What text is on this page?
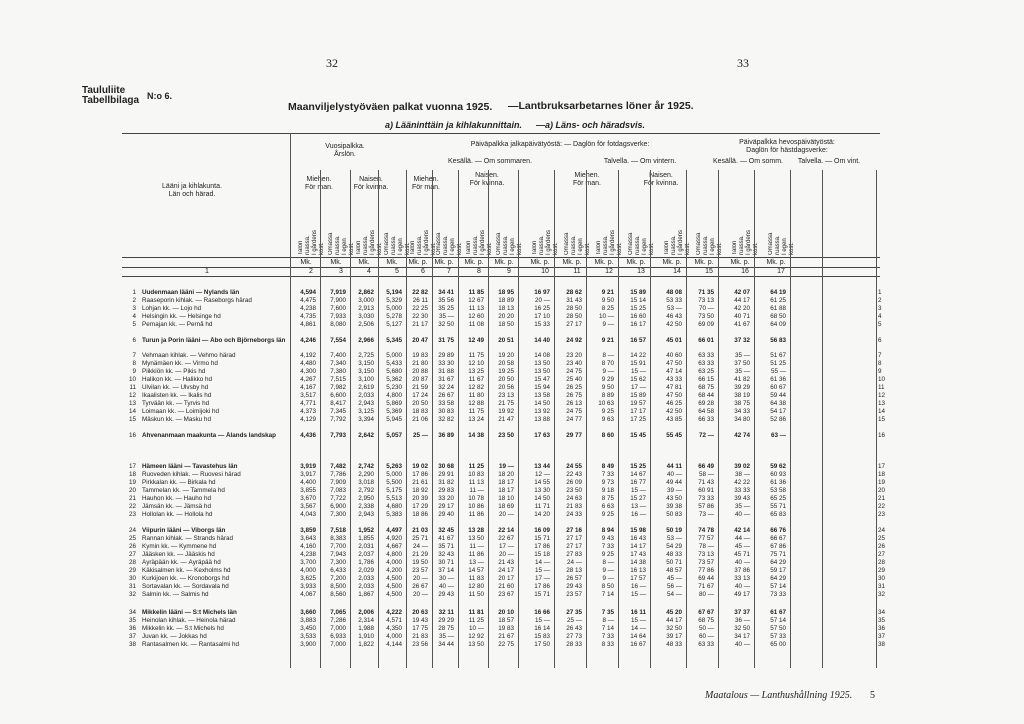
32	33
Taululiite
Tabellbilaga N:o 6.
Maanviljelystyöväen palkat vuonna 1925. —Lantbruksarbetarnes löner år 1925.
a) Lääninttäin ja kihlakunnittain. —a) Läns- och häradsvis.
Lääni ja kihlakunta.
Län och härad.
Vuosipalkka.
Årslön.
Päiväpalkka jalkapäivätyöstä: — Daglön för fotdagsverke:	Päiväpalkka hevospäivätyöstä:
Daglön för hästdagsverke:
Kesällä. — Om sommaren.	Talvella. — Om vintern.	Kesällä. — Om somm.	Talvella. — Om vint.
Miehen.
För man.
Naisen.
För kvinna.
Miehen.
För man.
Naisen.
För kvinna.
Miehen.
För man.
Naisen.
För kvinna.
Talon
ruassa.
I gårdens
kost. Omassa
ruassa.
I egen
kost. Talon
ruassa.
I gårdens
kost. Omassa
ruassa.
I egen
kost. Talon
ruassa.
I gårdens
kost. Omassa
ruassa.
I egen
kost. Talon
ruassa.
I gårdens
kost. Omassa
ruassa.
I egen
kost. Talon
ruassa.
I gårdens
kost. Omassa
ruassa.
I egen
kost. Talon
ruassa.
I gårdens
kost. Omassa
ruassa.
I egen
kost. Talon
ruassa.
I gårdens
kost. Omassa
ruassa.
I egen
kost. Talon
ruassa.
I gårdens
kost. Omassa
ruassa.
I egen
kost.
Mk.	Mk.	Mk.	Mk.	Mk. p. Mk. p.	Mk. p.	Mk. p.	Mk. p.	Mk. p.	Mk. p.	Mk. p.	Mk. p.	Mk. p.	Mk. p.	Mk. p.
1	2	3	4	5	6	7	8	9	10	11	12	13	14	15	16	17
1 Uudenmaan lääni — Nylands län	4,594	7,919	2,862	5,194	22 82	34 41	11 85	18 95	16 97	28 62	9 21	15 89	48 08	71 35	42 07	64 19	1
2 Raaseporin kihlak. — Raseborgs härad	4,475	7,900	3,000	5,329	26 11	35 56	12 67	18 89	20 —	31 43	9 50	15 14	53 33	73 13	44 17	61 25	2
3 Lohjan kk. — Lojo hd	4,238	7,600	2,913	5,000	22 25	35 25	11 13	18 13	16 25	28 50	8 25	15 25	53 —	70 —	42 20	61 88	3
4 Helsingin kk. — Helsinge hd	4,735	7,933	3,030	5,278	22 30	35 —	12 60	20 20	17 10	28 50	10 —	16 60	46 43	73 50	40 71	68 50	4
5 Pernajan kk. — Pernå hd	4,861	8,080	2,506	5,127	21 17	32 50	11 08	18 50	15 33	27 17	9 —	16 17	42 50	69 09	41 67	64 09	5
6 Turun ja Porin lääni — Åbo och Björneborgs län	4,246	7,554	2,966	5,345	20 47	31 75	12 49	20 51	14 40	24 92	9 21	16 57	45 01	66 01	37 32	56 83	6
7 Vehmaan kihlak. — Vehmo härad	4,192	7,400	2,725	5,000	19 83	29 89	11 75	19 20	14 08	23 20	8 —	14 22	40 60	63 33	35 —	51 67	7
8 Mynämäen kk. — Virmo hd	4,480	7,340	3,150	5,433	21 80	33 30	12 10	20 58	13 50	23 40	8 70	15 91	47 50	63 33	37 50	51 25	8
9 Piikkiön kk. — Pikis hd	4,300	7,380	3,150	5,680	20 88	31 88	13 25	19 25	13 50	24 75	9 —	15 —	47 14	63 25	35 —	55 —	9
10 Halikon kk. — Halikko hd	4,267	7,515	3,100	5,362	20 87	31 67	11 67	20 50	15 47	25 40	9 29	15 62	43 33	66 15	41 82	61 36	10
11 Ulvilan kk. — Ulvsby hd	4,167	7,982	2,619	5,230	21 59	32 24	12 82	20 56	15 94	26 25	9 50	17 —	47 81	68 75	39 29	60 67	11
12 Ikaalisten kk. — Ikalis hd	3,517	6,600	2,033	4,800	17 24	26 67	11 80	23 13	13 58	26 75	8 89	15 89	47 50	68 44	38 19	59 44	12
13 Tyrvään kk. — Tyrvis hd	4,771	8,417	2,943	5,869	20 50	33 58	12 88	21 75	14 50	26 13	10 63	19 57	46 25	69 28	38 75	64 38	13
14 Loimaan kk. — Loimijoki hd	4,373	7,345	3,125	5,369	18 83	30 83	11 75	19 92	13 92	24 75	9 25	17 17	42 50	64 58	34 33	54 17	14
15 Mäskun kk. — Masku hd	4,129	7,792	3,394	5,945	21 06	32 82	13 24	21 47	13 88	24 77	9 63	17 25	43 85	66 33	34 80	52 86	15
16 Ahvenanmaan maakunta — Ålands landskap	4,436	7,793	2,642	5,057	25 —	36 89	14 38	23 50	17 63	29 77	8 60	15 45	55 45	72 —	42 74	63 —	16
17 Hämeen lääni — Tavastehus län	3,919	7,482	2,742	5,263	19 02	30 68	11 25	19 —	13 44	24 55	8 49	15 25	44 11	66 49	39 02	59 62	17
18 Ruoveden kihlak. — Ruovesi härad	3,917	7,786	2,290	5,000	17 86	29 91	10 83	18 20	12 —	22 43	7 33	14 67	40 —	58 —	38 —	60 93	18
19 Pirkkalan kk. — Birkala hd	4,400	7,909	3,018	5,500	21 61	31 82	11 13	18 17	14 55	26 09	9 73	16 77	49 44	71 43	42 22	61 36	19
20 Tammelan kk. — Tammela hd	3,855	7,083	2,792	5,175	18 92	29 83	11 —	18 17	13 30	23 50	9 18	15 —	39 —	60 91	33 33	53 58	20
21 Hauhon kk. — Hauho hd	3,670	7,722	2,950	5,513	20 39	33 20	10 78	18 10	14 50	24 63	8 75	15 27	43 50	73 33	39 43	65 25	21
22 Jämsän kk. — Jämsä hd	3,567	6,900	2,338	4,680	17 29	29 17	10 86	18 69	11 71	21 83	6 63	13 —	39 38	57 86	35 —	55 71	22
23 Hollolan kk. — Hollola hd	4,043	7,300	2,943	5,383	18 86	29 40	11 86	20 —	14 20	24 33	9 25	16 —	50 83	73 —	40 —	65 83	23
24 Viipurin lääni — Viborgs län	3,859	7,518	1,952	4,497	21 03	32 45	13 28	22 14	16 09	27 16	8 94	15 98	50 19	74 78	42 14	66 76	24
25 Rannan kihlak. — Strands härad	3,643	8,383	1,855	4,920	25 71	41 67	13 50	22 67	15 71	27 17	9 43	16 43	53 —	77 57	44 —	66 67	25
26 Kymin kk. — Kymmene hd	4,160	7,700	2,031	4,667	24 —	35 71	11 —	17 —	17 86	27 17	7 33	14 17	54 29	78 —	45 —	67 86	26
27 Jääsken kk. — Jääskis hd	4,238	7,943	2,037	4,800	21 29	32 43	11 86	20 —	15 18	27 83	9 25	17 43	48 33	73 13	45 71	75 71	27
28 Äyräpään kk. — Äyräpää hd	3,700	7,300	1,786	4,000	19 50	30 71	13 —	21 43	14 —	24 —	8 —	14 38	50 71	73 57	40 —	64 29	28
29 Käkisalmen kk. — Kexholms hd	4,000	6,433	2,029	4,200	23 57	37 14	14 57	24 17	15 —	28 13	9 —	16 13	48 57	77 86	37 86	59 17	29
30 Kurkijoen kk. — Kronoborgs hd	3,625	7,200	2,033	4,500	20 —	30 —	11 83	20 17	17 —	26 57	9 —	17 57	45 —	69 44	33 13	64 29	30
31 Sortavalan kk. — Sordavala hd	3,933	8,500	2,033	4,500	26 67	40 —	12 80	21 60	17 86	29 43	8 50	16 —	56 —	71 67	40 —	57 14	31
32 Salmin kk. — Salmis hd	4,067	8,560	1,867	4,500	20 —	29 43	11 50	23 67	15 71	23 57	7 14	15 —	54 —	80 —	49 17	73 33	32
34 Mikkelin lääni — S:t Michels län	3,660	7,065	2,006	4,222	20 63	32 11	11 81	20 10	16 66	27 35	7 35	16 11	45 20	67 67	37 37	61 67	34
35 Heinolan kihlak. — Heinola härad	3,883	7,286	2,314	4,571	19 43	29 29	11 25	18 57	15 —	25 —	8 —	15 —	44 17	68 75	36 —	57 14	35
36 Mikkelin kk. — S:t Michels hd	3,450	7,000	1,988	4,350	17 75	28 75	10 —	19 83	16 14	26 43	7 14	14 —	32 50	50 —	32 50	57 50	36
37 Juvan kk. — Jokkas hd	3,533	6,933	1,910	4,000	21 83	35 —	12 92	21 67	15 83	27 73	7 33	14 64	39 17	60 —	34 17	57 33	37
38 Rantasalmen kk. — Rantasalmi hd	3,900	7,000	1,822	4,144	23 56	34 44	13 50	22 75	17 50	28 33	8 33	16 67	48 33	63 33	40 —	65 00	38
Maatalous — Lanthushållning 1925. 5
